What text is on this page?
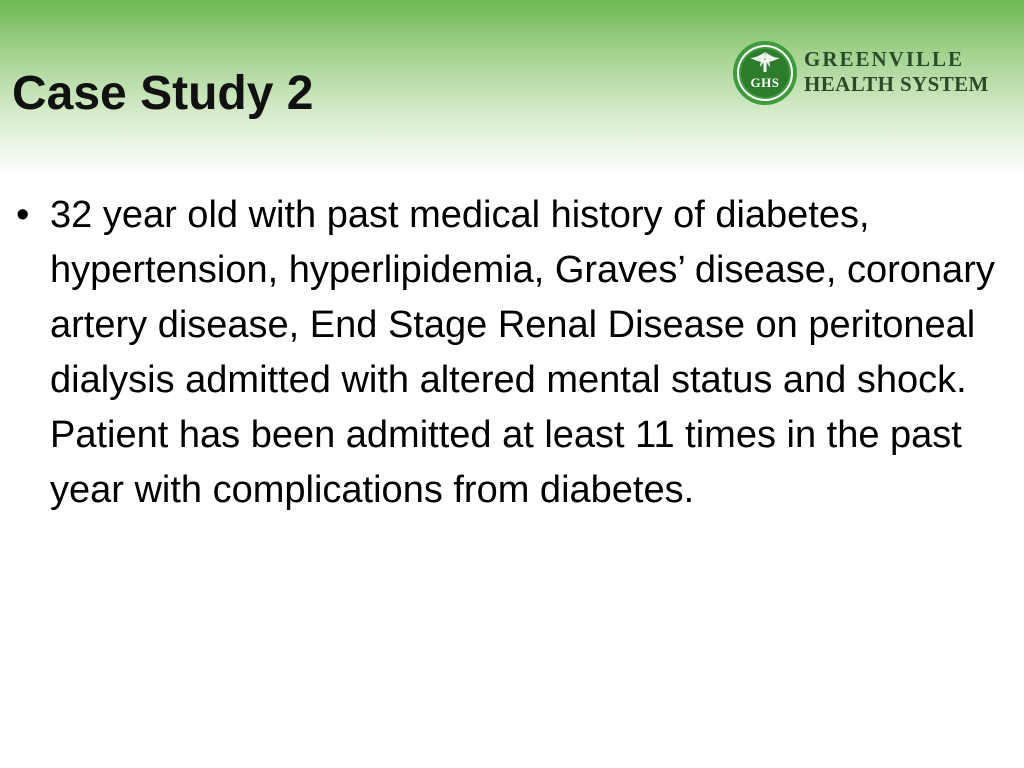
Case Study 2	GHS
GREENVILLE
HEALTH SYSTEM
• 32 year old with past medical history of diabetes, hypertension, hyperlipidemia, Graves’ disease, coronary artery disease, End Stage Renal Disease on peritoneal dialysis admitted with altered mental status and shock.  Patient has been admitted at least 11 times in the past year with complications from diabetes.
